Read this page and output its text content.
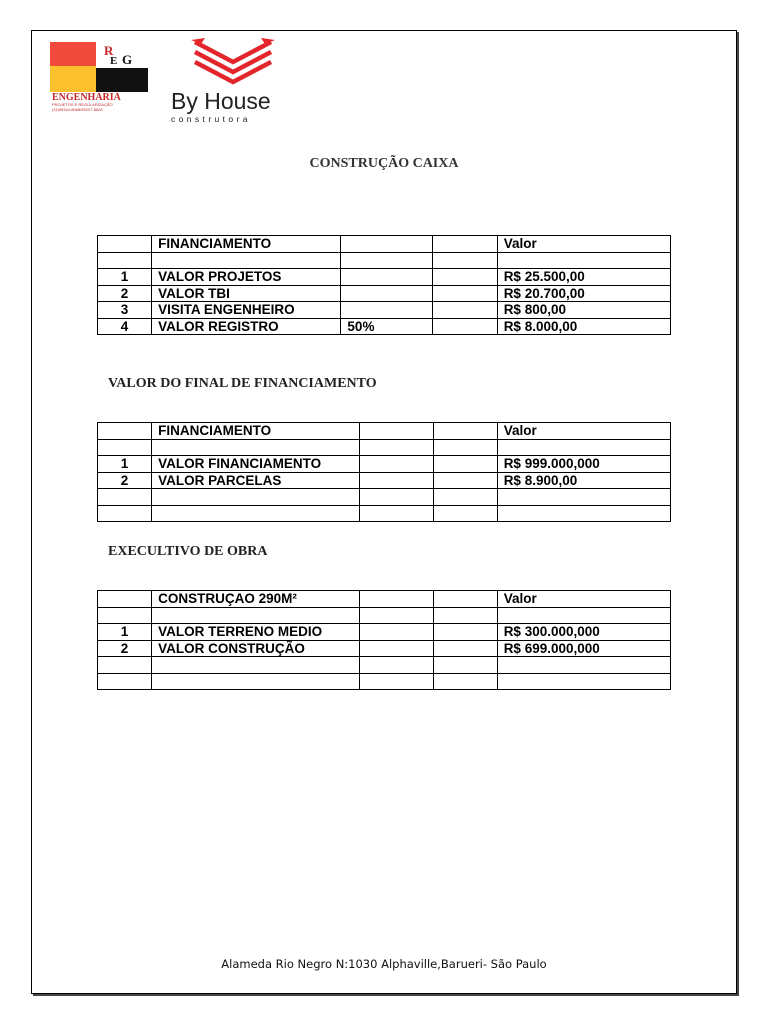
R
E G
ENGENHARIA
PROJETOS E REGULARIZAÇÃO
(11)99344-8068/95227-8626	By House
construtora
CONSTRUÇÃO CAIXA
	FINANCIAMENTO			Valor

1	VALOR PROJETOS			R$ 25.500,00
2	VALOR TBI			R$ 20.700,00
3	VISITA ENGENHEIRO			R$ 800,00
4	VALOR REGISTRO	50%		R$ 8.000,00
VALOR DO FINAL DE FINANCIAMENTO
	FINANCIAMENTO			Valor

1	VALOR FINANCIAMENTO			R$ 999.000,000
2	VALOR PARCELAS			R$ 8.900,00

EXECULTIVO DE OBRA
	CONSTRUÇAO 290M²			Valor

1	VALOR TERRENO MEDIO			R$ 300.000,000
2	VALOR CONSTRUÇÃO			R$ 699.000,000

Alameda Rio Negro N:1030 Alphaville,Barueri- São Paulo
